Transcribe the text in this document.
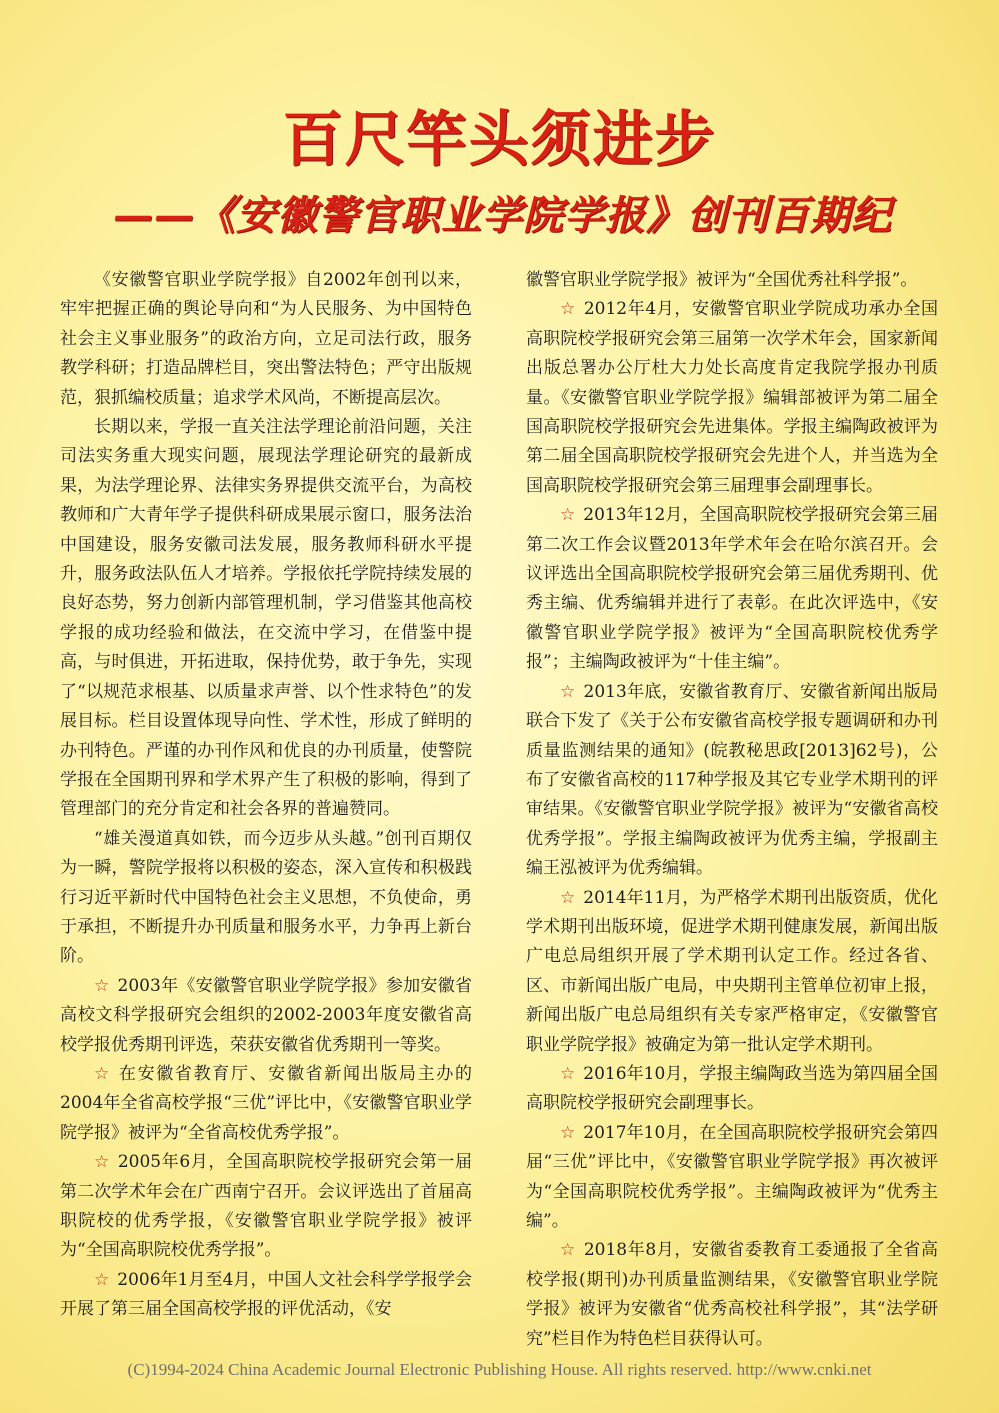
百尺竿头须进步
——《安徽警官职业学院学报》创刊百期纪

《安徽警官职业学院学报》自2002年创刊以来，牢牢把握正确的舆论导向和“为人民服务、为中国特色社会主义事业服务”的政治方向，立足司法行政，服务教学科研；打造品牌栏目，突出警法特色；严守出版规范，狠抓编校质量；追求学术风尚，不断提高层次。

长期以来，学报一直关注法学理论前沿问题，关注司法实务重大现实问题，展现法学理论研究的最新成果，为法学理论界、法律实务界提供交流平台，为高校教师和广大青年学子提供科研成果展示窗口，服务法治中国建设，服务安徽司法发展，服务教师科研水平提升，服务政法队伍人才培养。学报依托学院持续发展的良好态势，努力创新内部管理机制，学习借鉴其他高校学报的成功经验和做法，在交流中学习，在借鉴中提高，与时俱进，开拓进取，保持优势，敢于争先，实现了“以规范求根基、以质量求声誉、以个性求特色”的发展目标。栏目设置体现导向性、学术性，形成了鲜明的办刊特色。严谨的办刊作风和优良的办刊质量，使警院学报在全国期刊界和学术界产生了积极的影响，得到了管理部门的充分肯定和社会各界的普遍赞同。

“雄关漫道真如铁，而今迈步从头越。”创刊百期仅为一瞬，警院学报将以积极的姿态，深入宣传和积极践行习近平新时代中国特色社会主义思想，不负使命，勇于承担，不断提升办刊质量和服务水平，力争再上新台阶。

☆ 2003年《安徽警官职业学院学报》参加安徽省高校文科学报研究会组织的2002-2003年度安徽省高校学报优秀期刊评选，荣获安徽省优秀期刊一等奖。

☆ 在安徽省教育厅、安徽省新闻出版局主办的2004年全省高校学报“三优”评比中，《安徽警官职业学院学报》被评为“全省高校优秀学报”。

☆ 2005年6月，全国高职院校学报研究会第一届第二次学术年会在广西南宁召开。会议评选出了首届高职院校的优秀学报，《安徽警官职业学院学报》被评为“全国高职院校优秀学报”。

☆ 2006年1月至4月，中国人文社会科学学报学会开展了第三届全国高校学报的评优活动，《安

徽警官职业学院学报》被评为“全国优秀社科学报”。

☆ 2012年4月，安徽警官职业学院成功承办全国高职院校学报研究会第三届第一次学术年会，国家新闻出版总署办公厅杜大力处长高度肯定我院学报办刊质量。《安徽警官职业学院学报》编辑部被评为第二届全国高职院校学报研究会先进集体。学报主编陶政被评为第二届全国高职院校学报研究会先进个人，并当选为全国高职院校学报研究会第三届理事会副理事长。

☆ 2013年12月，全国高职院校学报研究会第三届第二次工作会议暨2013年学术年会在哈尔滨召开。会议评选出全国高职院校学报研究会第三届优秀期刊、优秀主编、优秀编辑并进行了表彰。在此次评选中，《安徽警官职业学院学报》被评为“全国高职院校优秀学报”；主编陶政被评为“十佳主编”。

☆ 2013年底，安徽省教育厅、安徽省新闻出版局联合下发了《关于公布安徽省高校学报专题调研和办刊质量监测结果的通知》(皖教秘思政[2013]62号)，公布了安徽省高校的117种学报及其它专业学术期刊的评审结果。《安徽警官职业学院学报》被评为“安徽省高校优秀学报”。学报主编陶政被评为优秀主编，学报副主编王泓被评为优秀编辑。

☆ 2014年11月，为严格学术期刊出版资质，优化学术期刊出版环境，促进学术期刊健康发展，新闻出版广电总局组织开展了学术期刊认定工作。经过各省、区、市新闻出版广电局，中央期刊主管单位初审上报，新闻出版广电总局组织有关专家严格审定，《安徽警官职业学院学报》被确定为第一批认定学术期刊。

☆ 2016年10月，学报主编陶政当选为第四届全国高职院校学报研究会副理事长。

☆ 2017年10月，在全国高职院校学报研究会第四届“三优”评比中，《安徽警官职业学院学报》再次被评为“全国高职院校优秀学报”。主编陶政被评为“优秀主编”。

☆ 2018年8月，安徽省委教育工委通报了全省高校学报(期刊)办刊质量监测结果，《安徽警官职业学院学报》被评为安徽省“优秀高校社科学报”，其“法学研究”栏目作为特色栏目获得认可。

(C)1994-2024 China Academic Journal Electronic Publishing House. All rights reserved. http://www.cnki.net
